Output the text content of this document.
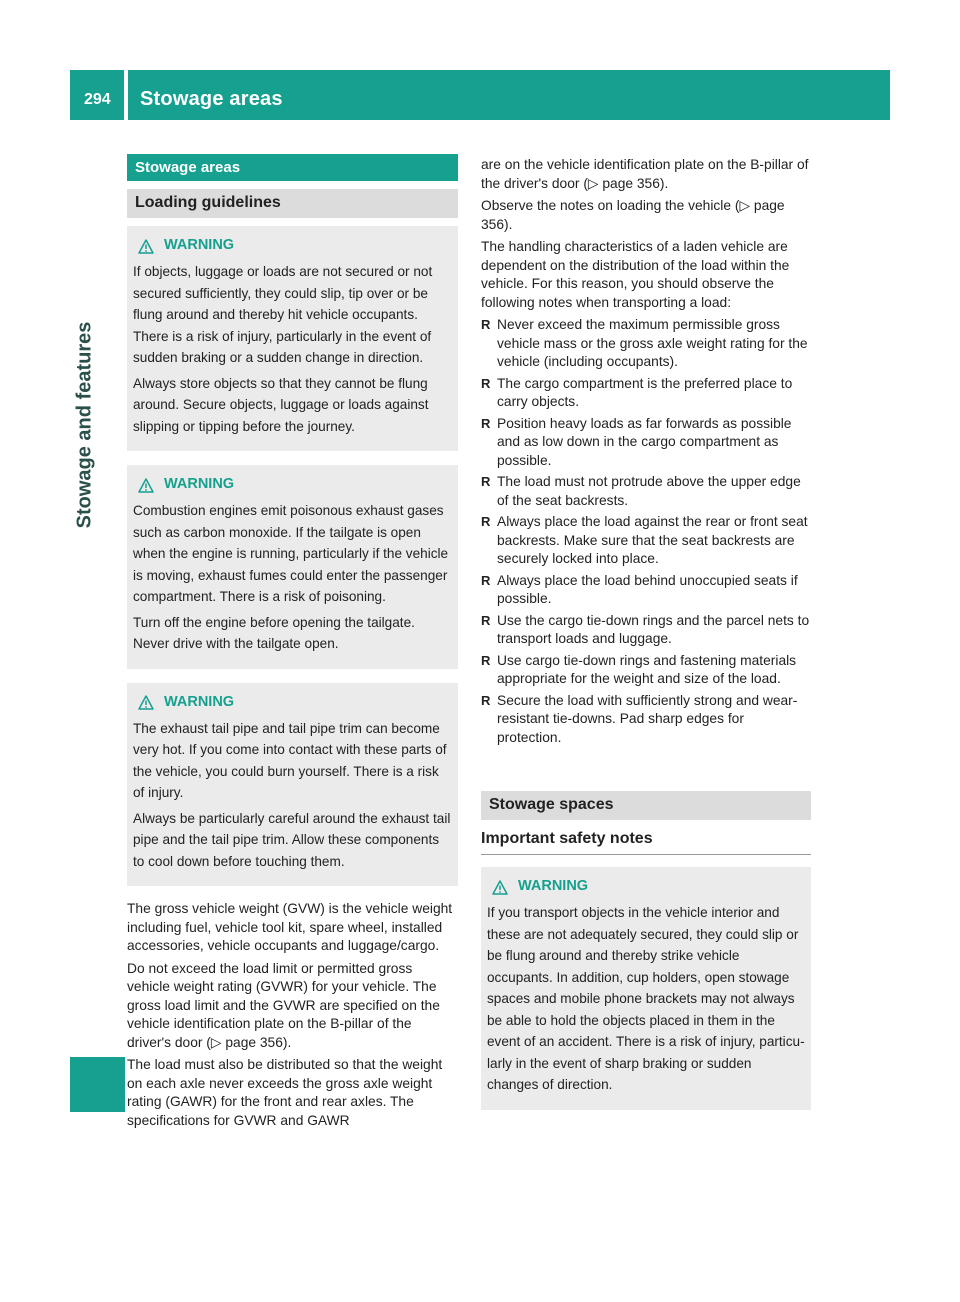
294 Stowage areas
Stowage and features
Stowage areas
Loading guidelines
WARNING

If objects, luggage or loads are not secured or not secured sufficiently, they could slip, tip over or be flung around and thereby hit vehicle occupants. There is a risk of injury, particularly in the event of sudden braking or a sudden change in direction.

Always store objects so that they cannot be flung around. Secure objects, luggage or loads against slipping or tipping before the journey.

WARNING

Combustion engines emit poisonous exhaust gases such as carbon monoxide. If the tailgate is open when the engine is running, particularly if the vehicle is moving, exhaust fumes could enter the passenger compartment. There is a risk of poisoning.

Turn off the engine before opening the tailgate. Never drive with the tailgate open.

WARNING

The exhaust tail pipe and tail pipe trim can become very hot. If you come into contact with these parts of the vehicle, you could burn yourself. There is a risk of injury.

Always be particularly careful around the exhaust tail pipe and the tail pipe trim. Allow these components to cool down before touching them.

The gross vehicle weight (GVW) is the vehicle weight including fuel, vehicle tool kit, spare wheel, installed accessories, vehicle occupants and luggage/cargo.

Do not exceed the load limit or permitted gross vehicle weight rating (GVWR) for your vehicle. The gross load limit and the GVWR are specified on the vehicle identification plate on the B-pillar of the driver's door (▷ page 356).

The load must also be distributed so that the weight on each axle never exceeds the gross axle weight rating (GAWR) for the front and rear axles. The specifications for GVWR and GAWR

are on the vehicle identification plate on the B-pillar of the driver's door (▷ page 356).

Observe the notes on loading the vehicle (▷ page 356).

The handling characteristics of a laden vehicle are dependent on the distribution of the load within the vehicle. For this reason, you should observe the following notes when transporting a load:

R Never exceed the maximum permissible gross vehicle mass or the gross axle weight rating for the vehicle (including occupants).
R The cargo compartment is the preferred place to carry objects.
R Position heavy loads as far forwards as possible and as low down in the cargo compartment as possible.
R The load must not protrude above the upper edge of the seat backrests.
R Always place the load against the rear or front seat backrests. Make sure that the seat backrests are securely locked into place.
R Always place the load behind unoccupied seats if possible.
R Use the cargo tie-down rings and the parcel nets to transport loads and luggage.
R Use cargo tie-down rings and fastening materials appropriate for the weight and size of the load.
R Secure the load with sufficiently strong and wear-resistant tie-downs. Pad sharp edges for protection.
Stowage spaces
Important safety notes
WARNING

If you transport objects in the vehicle interior and these are not adequately secured, they could slip or be flung around and thereby strike vehicle occupants. In addition, cup holders, open stowage spaces and mobile phone brackets may not always be able to hold the objects placed in them in the event of an accident. There is a risk of injury, particularly in the event of sharp braking or sudden changes of direction.
